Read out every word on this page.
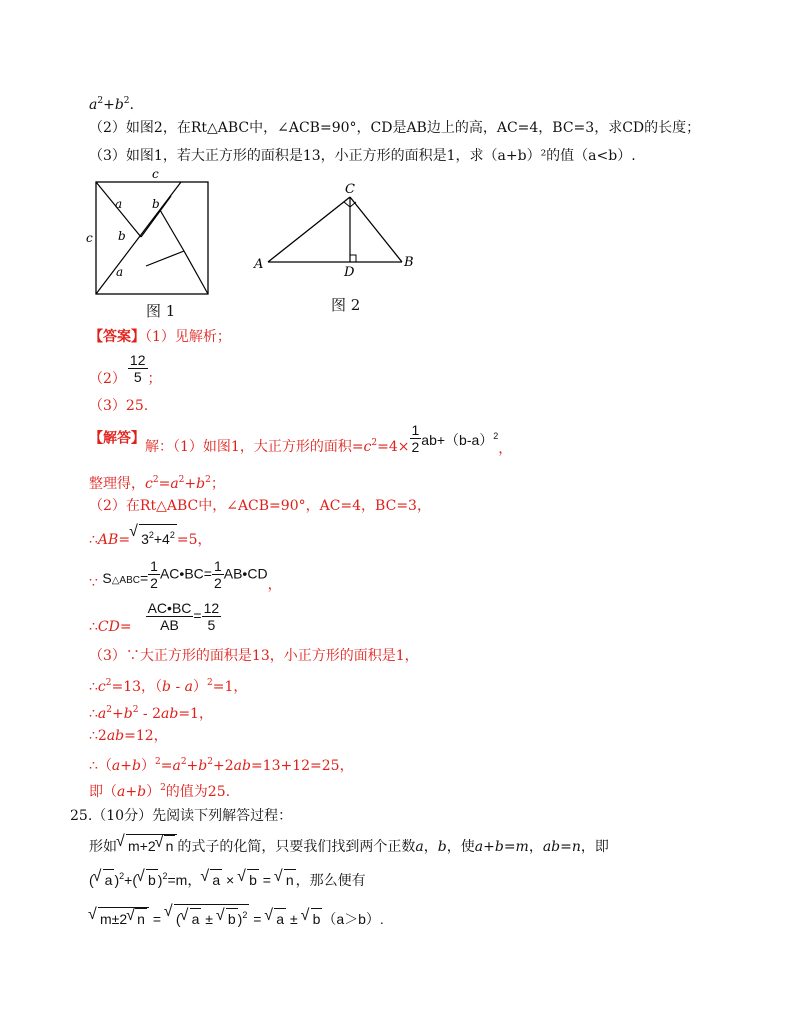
$a^2+b^2$.
（2）如图2，在Rt△ABC中，∠ACB=90°，CD是AB边上的高，AC=4，BC=3，求CD的长度；
（3）如图1，若大正方形的面积是13，小正方形的面积是1，求（a+b）²的值（a<b）.
c
c
a b
b
a
图 1
C
A	B
D
图 2
【答案】（1）见解析；
$(2) \frac{12}{5}$ ；
（3）25.
【解答】解：（1）如图1，大正方形的面积$=c^2=4\times \frac{1}{2} ab+(b-a)^2$，
整理得，$c^2=a^2+b^2$；
（2）在Rt△ABC中，∠ACB=90°，AC=4，BC=3，
∴AB= √ $3^2+4^2 =5$，
∵ S△ABC= $\frac{1}{2}$ AC•BC= $\frac{1}{2}$ AB•CD，
∴CD= $\frac{AC•BC}{AB} = \frac{12}{5}$
（3）∵大正方形的面积是13，小正方形的面积是1，
$\therefore c^2=13$，（b - a）$^2$=1，
$\therefore a^2+b^2 - 2ab=1$，
∴2ab=12，
$\therefore(a+b)^2=a^2+b^2+2ab=13+12=25$，
即$(a+b)^2$的值为25.
25.（10分）先阅读下列解答过程：
形如 √ m+2 √ n 的式子的化简，只要我们找到两个正数a，b，使a+b=m，ab=n，即
( √ a )$^2$+( √ b )$^2$=m， √ a × √ b = √ n ，那么便有
√ m±2 √ n = √ ( √ a ± √ b )$^2$ = √ a ± √ b （a＞b）.
